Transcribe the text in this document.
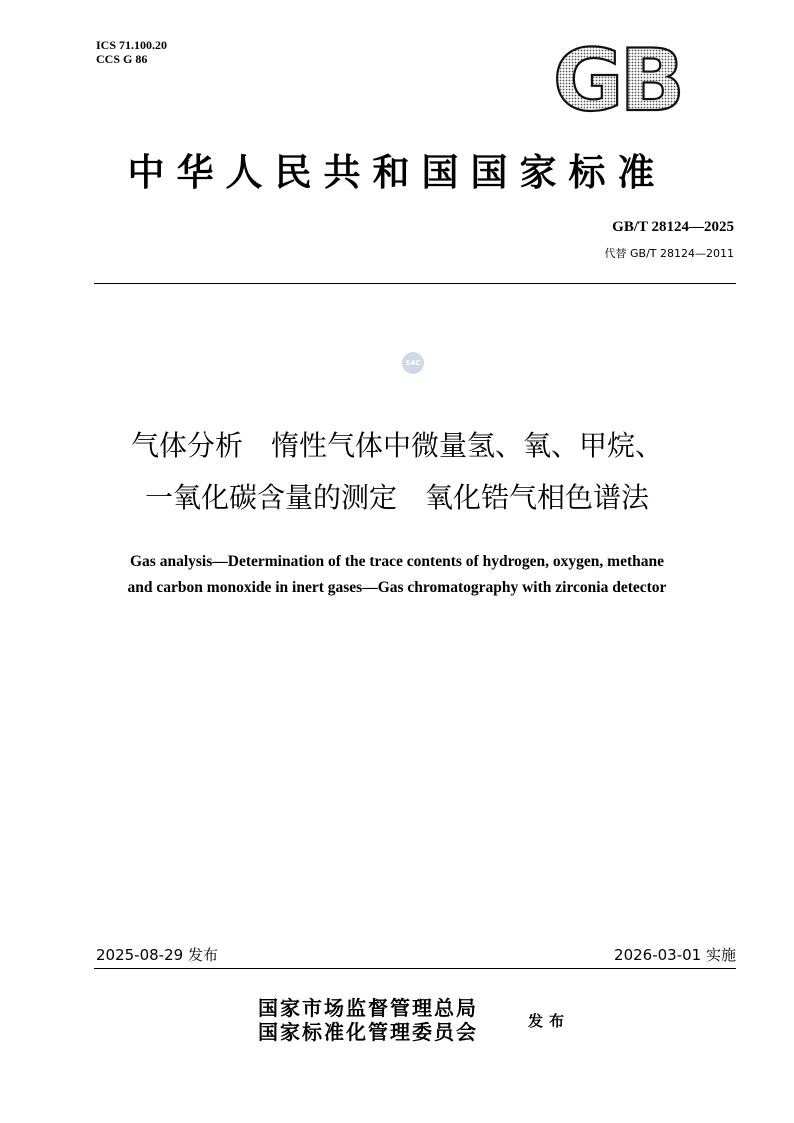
ICS 71.100.20
CCS G 86	GB
中华人民共和国国家标准
GB/T 28124—2025
代替 GB/T 28124—2011
SAC
气体分析　惰性气体中微量氢、氧、甲烷、
一氧化碳含量的测定　氧化锆气相色谱法
Gas analysis—Determination of the trace contents of hydrogen, oxygen, methane
and carbon monoxide in inert gases—Gas chromatography with zirconia detector
2025-08-29 发布	2026-03-01 实施
国家市场监督管理总局
国家标准化管理委员会	发布
